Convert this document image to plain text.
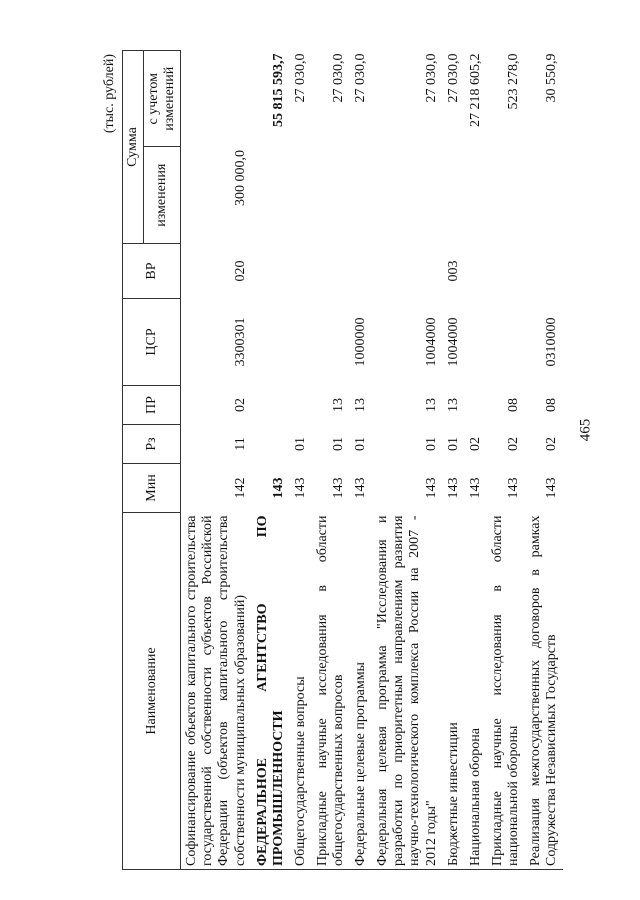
465
(тыс. рублей)
Наименование	Мин	Рз	ПР	ЦСР	ВР	Сумма	
						изменения	с учетом изменений
Софинансирование объектов капитального строительства государственной собственности субъектов Российской Федерации (объектов капитального строительства собственности муниципальных образований)	142	11	02	3300301	020	300 000,0	
ФЕДЕРАЛЬНОЕ АГЕНТСТВО ПО ПРОМЫШЛЕННОСТИ	143						55 815 593,7
Общегосударственные вопросы	143	01					27 030,0
Прикладные научные исследования в области общегосударственных вопросов	143	01	13				27 030,0
Федеральные целевые программы	143	01	13	1000000			27 030,0
Федеральная целевая программа "Исследования и разработки по приоритетным направлениям развития научно-технологического комплекса России на 2007 - 2012 годы"	143	01	13	1004000			27 030,0
Бюджетные инвестиции	143	01	13	1004000	003		27 030,0
Национальная оборона	143	02					27 218 605,2
Прикладные научные исследования в области национальной обороны	143	02	08				523 278,0
Реализация межгосударственных договоров в рамках Содружества Независимых Государств	143	02	08	0310000			30 550,9
